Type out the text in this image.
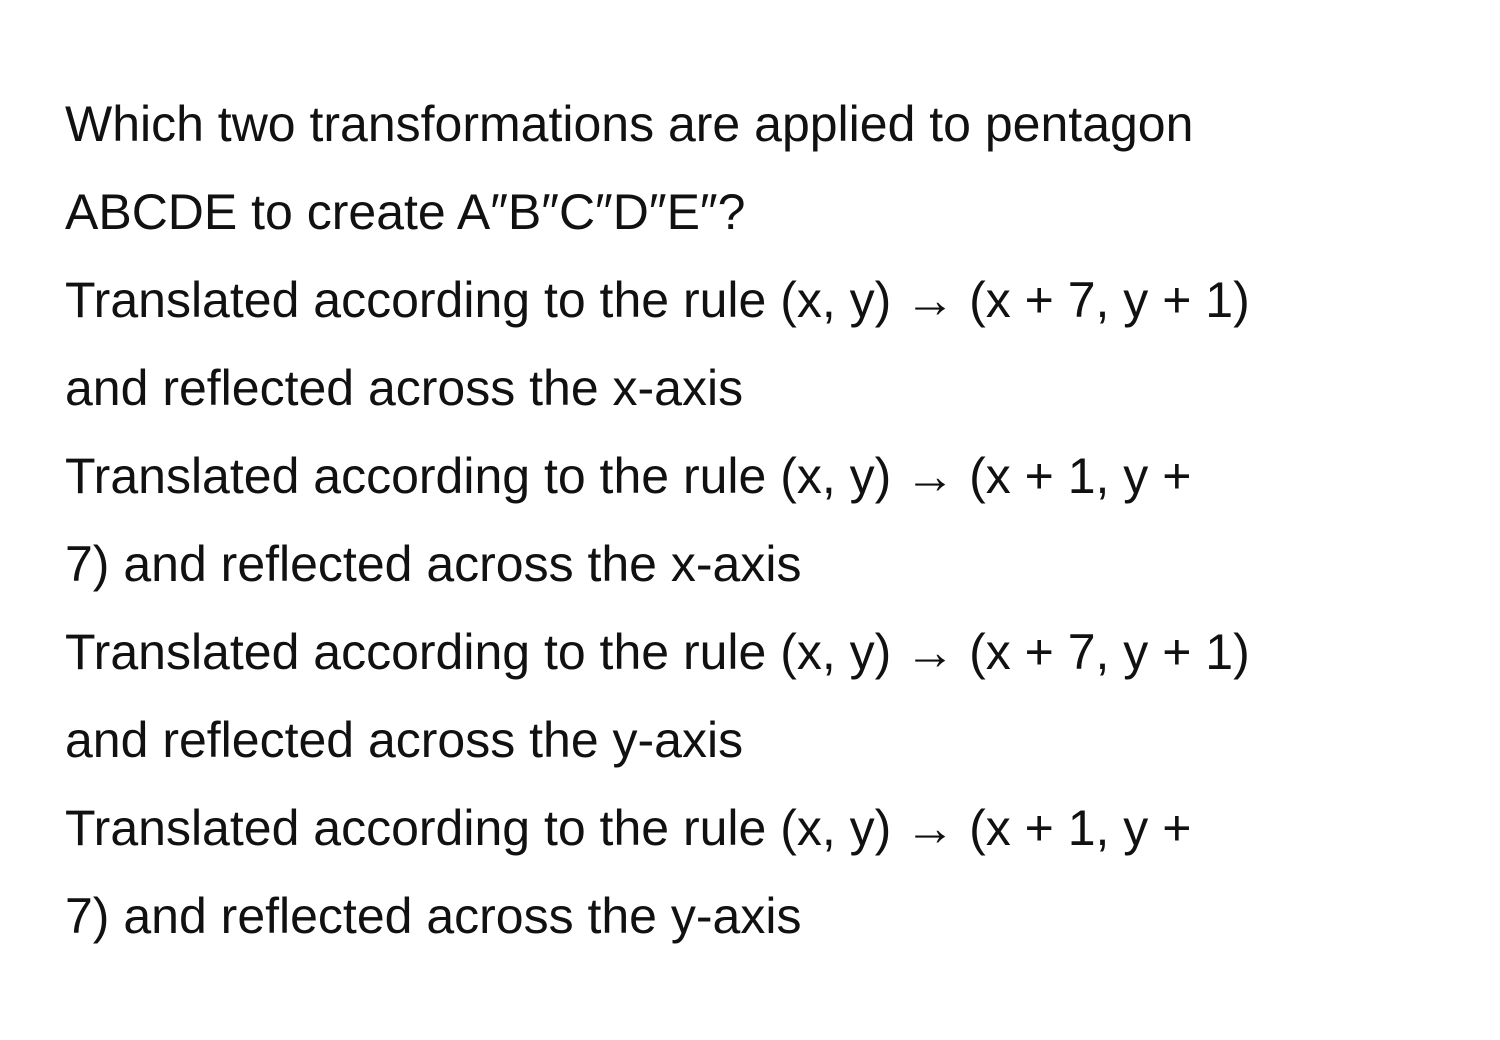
Which two transformations are applied to pentagon
ABCDE to create A″B″C″D″E″?
Translated according to the rule (x, y) → (x + 7, y + 1)
and reflected across the x-axis
Translated according to the rule (x, y) → (x + 1, y +
7) and reflected across the x-axis
Translated according to the rule (x, y) → (x + 7, y + 1)
and reflected across the y-axis
Translated according to the rule (x, y) → (x + 1, y +
7) and reflected across the y-axis
